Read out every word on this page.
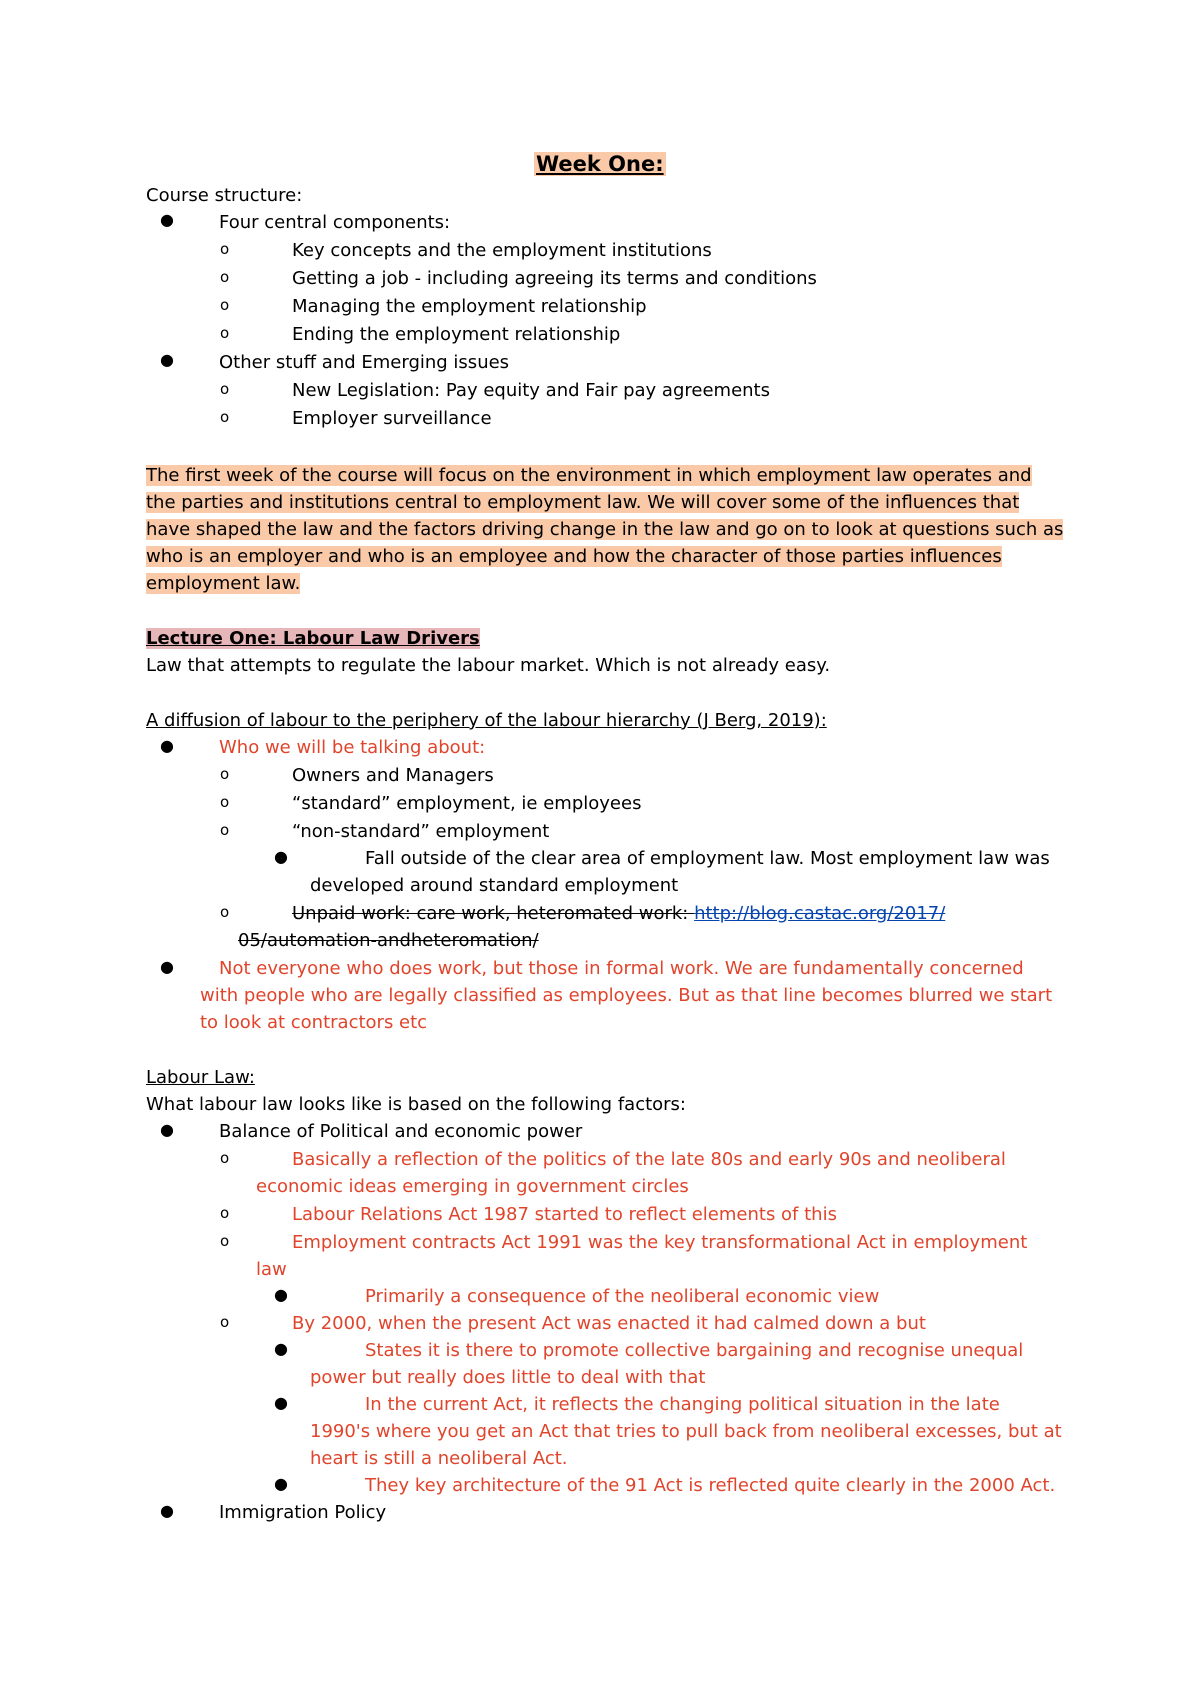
Week One:
Course structure:
●	Four central components:
o	Key concepts and the employment institutions
o	Getting a job - including agreeing its terms and conditions
o	Managing the employment relationship
o	Ending the employment relationship
●	Other stuff and Emerging issues
o	New Legislation: Pay equity and Fair pay agreements
o	Employer surveillance
The first week of the course will focus on the environment in which employment law operates and
the parties and institutions central to employment law. We will cover some of the influences that
have shaped the law and the factors driving change in the law and go on to look at questions such as
who is an employer and who is an employee and how the character of those parties influences
employment law.
Lecture One: Labour Law Drivers
Law that attempts to regulate the labour market. Which is not already easy.
A diffusion of labour to the periphery of the labour hierarchy (J Berg, 2019):
●	Who we will be talking about:
o	Owners and Managers
o	“standard” employment, ie employees
o	“non-standard” employment
●	Fall outside of the clear area of employment law. Most employment law was
developed around standard employment
o	Unpaid work: care work, heteromated work: http://blog.castac.org/2017/
05/automation-andheteromation/
●	Not everyone who does work, but those in formal work. We are fundamentally concerned
with people who are legally classified as employees. But as that line becomes blurred we start
to look at contractors etc
Labour Law:
What labour law looks like is based on the following factors:
●	Balance of Political and economic power
o	Basically a reflection of the politics of the late 80s and early 90s and neoliberal
economic ideas emerging in government circles
o	Labour Relations Act 1987 started to reflect elements of this
o	Employment contracts Act 1991 was the key transformational Act in employment
law
●	Primarily a consequence of the neoliberal economic view
o	By 2000, when the present Act was enacted it had calmed down a but
●	States it is there to promote collective bargaining and recognise unequal
power but really does little to deal with that
●	In the current Act, it reflects the changing political situation in the late
1990's where you get an Act that tries to pull back from neoliberal excesses, but at
heart is still a neoliberal Act.
●	They key architecture of the 91 Act is reflected quite clearly in the 2000 Act.
●	Immigration Policy
